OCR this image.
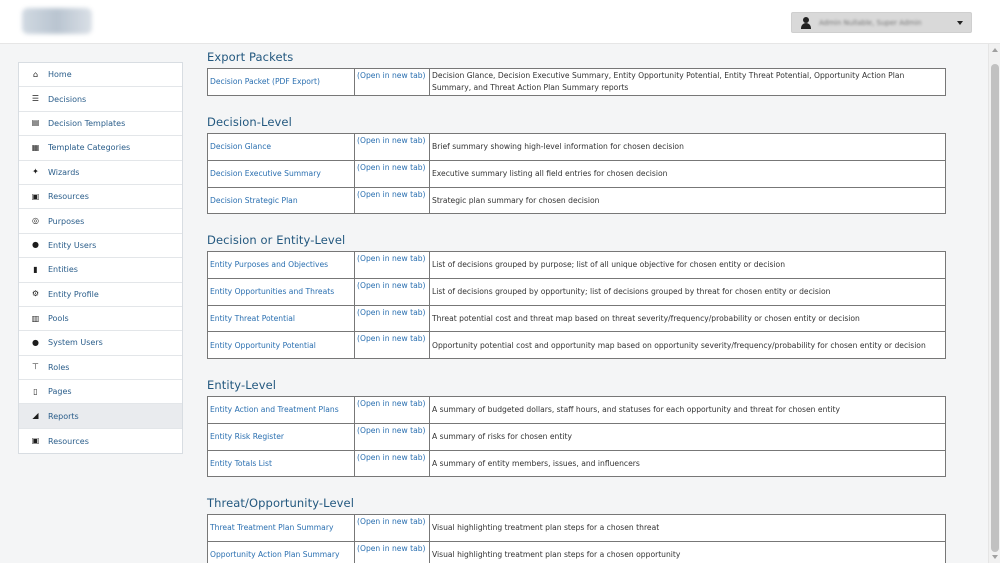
Admin Nullable, Super Admin
⌂ Home
☰ Decisions
▤ Decision Templates
▦ Template Categories
✦ Wizards
▣ Resources
◎ Purposes
● Entity Users
▮ Entities
⚙ Entity Profile
▥ Pools
● System Users
⊤ Roles
▯ Pages
◢ Reports
▣ Resources
Export Packets
Decision Packet (PDF Export)	(Open in new tab)	Decision Glance, Decision Executive Summary, Entity Opportunity Potential, Entity Threat Potential, Opportunity Action Plan Summary, and Threat Action Plan Summary reports
Decision-Level
Decision Glance	(Open in new tab)	Brief summary showing high-level information for chosen decision
Decision Executive Summary	(Open in new tab)	Executive summary listing all field entries for chosen decision
Decision Strategic Plan	(Open in new tab)	Strategic plan summary for chosen decision
Decision or Entity-Level
Entity Purposes and Objectives	(Open in new tab)	List of decisions grouped by purpose; list of all unique objective for chosen entity or decision
Entity Opportunities and Threats	(Open in new tab)	List of decisions grouped by opportunity; list of decisions grouped by threat for chosen entity or decision
Entity Threat Potential	(Open in new tab)	Threat potential cost and threat map based on threat severity/frequency/probability or chosen entity or decision
Entity Opportunity Potential	(Open in new tab)	Opportunity potential cost and opportunity map based on opportunity severity/frequency/probability for chosen entity or decision
Entity-Level
Entity Action and Treatment Plans	(Open in new tab)	A summary of budgeted dollars, staff hours, and statuses for each opportunity and threat for chosen entity
Entity Risk Register	(Open in new tab)	A summary of risks for chosen entity
Entity Totals List	(Open in new tab)	A summary of entity members, issues, and influencers
Threat/Opportunity-Level
Threat Treatment Plan Summary	(Open in new tab)	Visual highlighting treatment plan steps for a chosen threat
Opportunity Action Plan Summary	(Open in new tab)	Visual highlighting treatment plan steps for a chosen opportunity
